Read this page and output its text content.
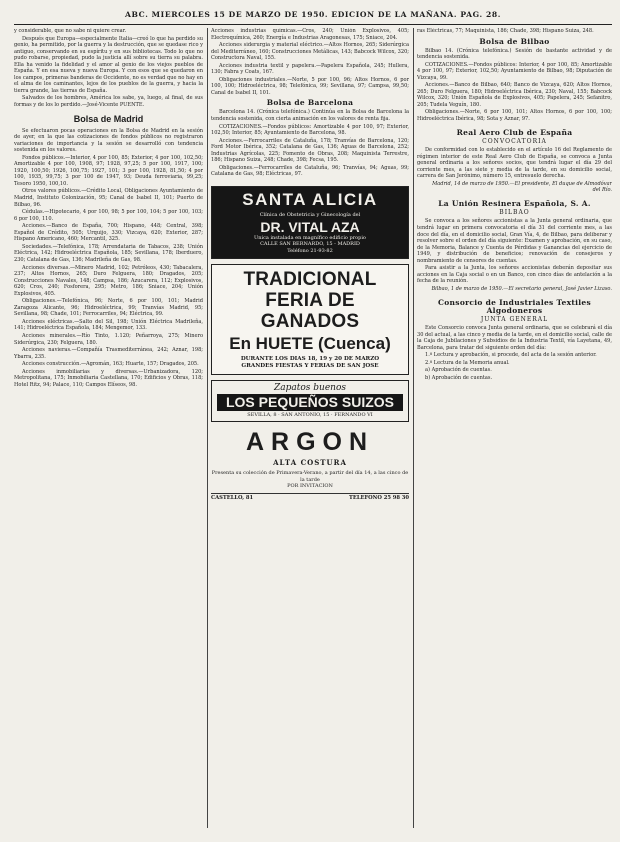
ABC. MIERCOLES 15 DE MARZO DE 1950. EDICION DE LA MAÑANA. PAG. 28.

y considerable, que no sabe ni quiere crear.

Después que Europa—especialmente Italia—creó lo que ha perdido su genio, ha permitido, por la guerra y la destrucción, que se quedase rico y antiguo, conservando en su espíritu y en sus bibliotecas. Todo lo que no pudo robarse, propiedad, pudo la justicia allí sobre su tierra su palabra. Ella ha venido la fidelidad y el amor al genio de los viejos pueblos de España. Y en esa nueva y nueva Europa. Y con esos que se quedaron en los campos, primeras banderas de Occidente, no es verdad que no hay en el alma de los caminantes, lejos de los pueblos de la guerra, y hacia la tierra grande, las tierras de España.

Salvados de los hombres, América los sabe, ya, luego, al final, de sus formas y de los lo perdido.—José-Vicente PUENTE.

Bolsa de Madrid

Se efectuaron pocas operaciones en la Bolsa de Madrid en la sesión de ayer, en la que las cotizaciones de fondos públicos no registraron variaciones de importancia y la sesión se desarrolló con tendencia sostenida en los valores.

Fondos públicos.—Interior, 4 por 100, 85; Exterior, 4 por 100, 102,50; Amortizable 4 por 100, 1908, 97; 1928, 97,25; 5 por 100, 1917, 100; 1920, 100,50; 1926, 100,75; 1927, 101; 3 por 100, 1928, 81,50; 4 por 100, 1935, 99,75; 3 por 100 de 1947, 93; Deuda ferroviaria, 99,25; Tesoro 1950, 100,10.

Otros valores públicos.—Crédito Local, Obligaciones Ayuntamiento de Madrid, Instituto Colonización, 95; Canal de Isabel II, 101; Puerto de Bilbao, 96.

Cédulas.—Hipotecario, 4 por 100, 98; 5 por 100, 104; 5 por 100, 103; 6 por 100, 110.

Acciones.—Banco de España, 700; Hispano, 448; Central, 398; Español de Crédito, 505; Urquijo, 330; Vizcaya, 620; Exterior, 287; Hispano Americano, 460; Mercantil, 325.

Sociedades.—Telefónica, 178; Arrendataria de Tabacos, 238; Unión Eléctrica, 142; Hidroeléctrica Española, 185; Sevillana, 178; Iberduero, 230; Catalana de Gas, 136; Madrileña de Gas, 98.

Acciones diversas.—Minero Madrid, 102; Petróleos, 430; Tabacalera, 237; Altos Hornos, 265; Duro Felguera, 180; Dragados, 205; Construcciones Navales, 148; Campsa, 186; Azucarera, 112; Explosivos, 620; Cros, 240; Fosforera, 295; Metro, 186; Sniace, 204; Unión Explosivos, 405.

Obligaciones.—Telefónica, 96; Norte, 6 por 100, 101; Madrid Zaragoza Alicante, 96; Hidroeléctrica, 99; Tranvías Madrid, 95; Sevillana, 98; Chade, 101; Ferrocarriles, 94; Eléctrica, 99.

Acciones eléctricas.—Salto del Sil, 198; Unión Eléctrica Madrileña, 141; Hidroeléctrica Española, 184; Mengemor, 133.

Acciones minerales.—Río Tinto, 1.120; Peñarroya, 275; Minero Siderúrgica, 230; Felguera, 180.

Acciones navieras.—Compañía Trasmediterránea, 242; Aznar, 198; Ybarra, 235.

Acciones construcción.—Agromán, 163; Huarte, 157; Dragados, 205.

Acciones inmobiliarias y diversas.—Urbanizadora, 120; Metropolitana, 175; Inmobiliaria Castellana, 170; Edificios y Obras, 118; Hotel Ritz, 94; Palace, 110; Campos Elíseos, 98.

Acciones industrias químicas.—Cros, 240; Unión Explosivos, 405; Electroquímica, 260; Energía e Industrias Aragonesas, 175; Sniace, 204.

Acciones siderurgia y material eléctrico.—Altos Hornos, 265; Siderúrgica del Mediterráneo, 160; Construcciones Metálicas, 143; Babcock Wilcox, 320; Constructora Naval, 155.

Acciones industria textil y papelera.—Papelera Española, 245; Hullera, 130; Fabra y Coats, 167.

Obligaciones industriales.—Norte, 5 por 100, 96; Altos Hornos, 6 por 100, 100; Hidroeléctrica, 98; Telefónica, 99; Sevillana, 97; Campsa, 99,50; Canal de Isabel II, 101.

Bolsa de Barcelona

Barcelona 14. (Crónica telefónica.) Continúa en la Bolsa de Barcelona la tendencia sostenida, con cierta animación en los valores de renta fija.

COTIZACIONES.—Fondos públicos: Amortizable 4 por 100, 97; Exterior, 102,50; Interior, 85; Ayuntamiento de Barcelona, 98.

Acciones.—Ferrocarriles de Cataluña, 178; Tranvías de Barcelona, 120; Ford Motor Ibérica, 352; Catalana de Gas, 136; Aguas de Barcelona, 252; Industrias Agrícolas, 225; Fomento de Obras, 208; Maquinista Terrestre, 186; Hispano Suiza, 248; Chade, 398; Fecsa, 195.

Obligaciones.—Ferrocarriles de Cataluña, 96; Tranvías, 94; Aguas, 99; Catalana de Gas, 98; Eléctricas, 97.

SANTA ALICIA
Clínica de Obstetricia y Ginecología del
DR. VITAL AZA
Unica instalada en magnífico edificio propio
CALLE SAN BERNARDO, 15 - MADRID
Teléfono 21-93-82
TRADICIONAL FERIA DE GANADOS
En HUETE (Cuenca)
DURANTE LOS DIAS 18, 19 y 20 DE MARZO
GRANDES FIESTAS Y FERIAS DE SAN JOSE
Zapatos buenos
LOS PEQUEÑOS SUIZOS
SEVILLA, 8 · SAN ANTONIO, 15 · FERNANDO VI
ARGON
ALTA COSTURA
Presenta su colección de Primavera-Verano, a partir del día 14, a las cinco de la tarde
POR INVITACION
CASTELLO, 81	TELEFONO 25 98 30

ras Eléctricas, 77; Maquinista, 186; Chade, 398; Hispano Suiza, 248.

Bolsa de Bilbao

Bilbao 14. (Crónica telefónica.) Sesión de bastante actividad y de tendencia sostenida.

COTIZACIONES.—Fondos públicos: Interior, 4 por 100, 85; Amortizable 4 por 100, 97; Exterior, 102,50; Ayuntamiento de Bilbao, 98; Diputación de Vizcaya, 99.

Acciones.—Banco de Bilbao, 640; Banco de Vizcaya, 620; Altos Hornos, 265; Duro Felguera, 180; Hidroeléctrica Ibérica, 230; Naval, 155; Babcock Wilcox, 320; Unión Española de Explosivos, 405; Papelera, 245; Sefanitro, 205; Tudela Veguín, 180.

Obligaciones.—Norte, 6 por 100, 101; Altos Hornos, 6 por 100, 100; Hidroeléctrica Ibérica, 98; Sota y Aznar, 97.

Real Aero Club de España

CONVOCATORIA

De conformidad con lo establecido en el artículo 16 del Reglamento de régimen interior de este Real Aero Club de España, se convoca a Junta general ordinaria a los señores socios, que tendrá lugar el día 29 del corriente mes, a las siete y media de la tarde, en su domicilio social, carrera de San Jerónimo, número 15, entresuelo derecha.

Madrid, 14 de marzo de 1950.—El presidente, El duque de Almodóvar del Río.

La Unión Resinera Española, S. A.

BILBAO

Se convoca a los señores accionistas a la Junta general ordinaria, que tendrá lugar en primera convocatoria el día 31 del corriente mes, a las doce del día, en el domicilio social, Gran Vía, 4, de Bilbao, para deliberar y resolver sobre el orden del día siguiente: Examen y aprobación, en su caso, de la Memoria, Balance y Cuenta de Pérdidas y Ganancias del ejercicio de 1949, y distribución de beneficios; renovación de consejeros y nombramiento de censores de cuentas.

Para asistir a la Junta, los señores accionistas deberán depositar sus acciones en la Caja social o en un Banco, con cinco días de antelación a la fecha de la reunión.

Bilbao, 1 de marzo de 1950.—El secretario general, José Javier Lizaso.

Consorcio de Industriales Textiles Algodoneros

JUNTA GENERAL

Este Consorcio convoca Junta general ordinaria, que se celebrará el día 30 del actual, a las cinco y media de la tarde, en el domicilio social, calle de la Caja de Jubilaciones y Subsidios de la Industria Textil, vía Layetana, 49, Barcelona, para tratar del siguiente orden del día:

1.º Lectura y aprobación, si procede, del acta de la sesión anterior.

2.º Lectura de la Memoria anual.

a) Aprobación de cuentas.

b) Aprobación de cuentas.
